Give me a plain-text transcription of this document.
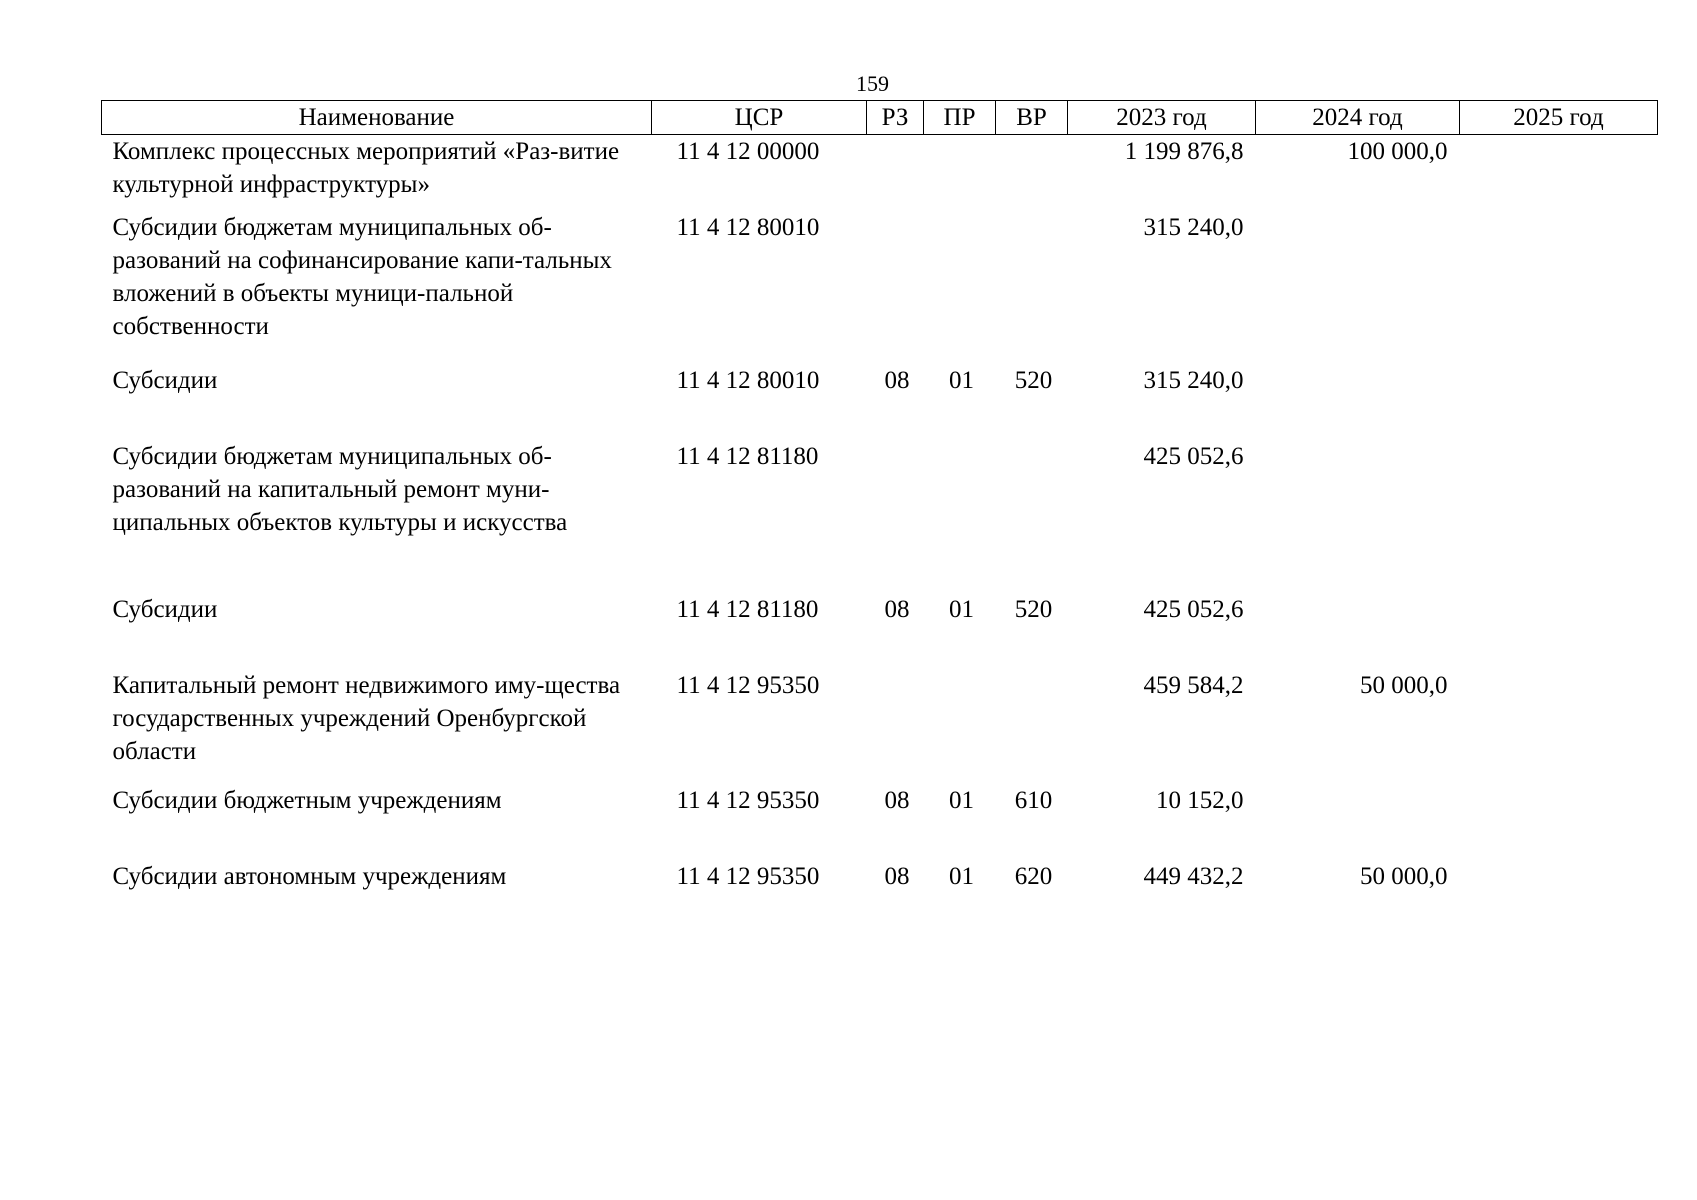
159
Наименование	ЦСР	РЗ	ПР	ВР	2023 год	2024 год	2025 год
Комплекс процессных мероприятий «Раз-витие культурной инфраструктуры»	11 4 12 00000				1 199 876,8	100 000,0	
Субсидии бюджетам муниципальных об-разований на софинансирование капи-тальных вложений в объекты муници-пальной собственности	11 4 12 80010				315 240,0		
Субсидии	11 4 12 80010	08	01	520	315 240,0		
Субсидии бюджетам муниципальных об-разований на капитальный ремонт муни-ципальных объектов культуры и искусства	11 4 12 81180				425 052,6		
Субсидии	11 4 12 81180	08	01	520	425 052,6		
Капитальный ремонт недвижимого иму-щества государственных учреждений Оренбургской области	11 4 12 95350				459 584,2	50 000,0	
Субсидии бюджетным учреждениям	11 4 12 95350	08	01	610	10 152,0		
Субсидии автономным учреждениям	11 4 12 95350	08	01	620	449 432,2	50 000,0	
